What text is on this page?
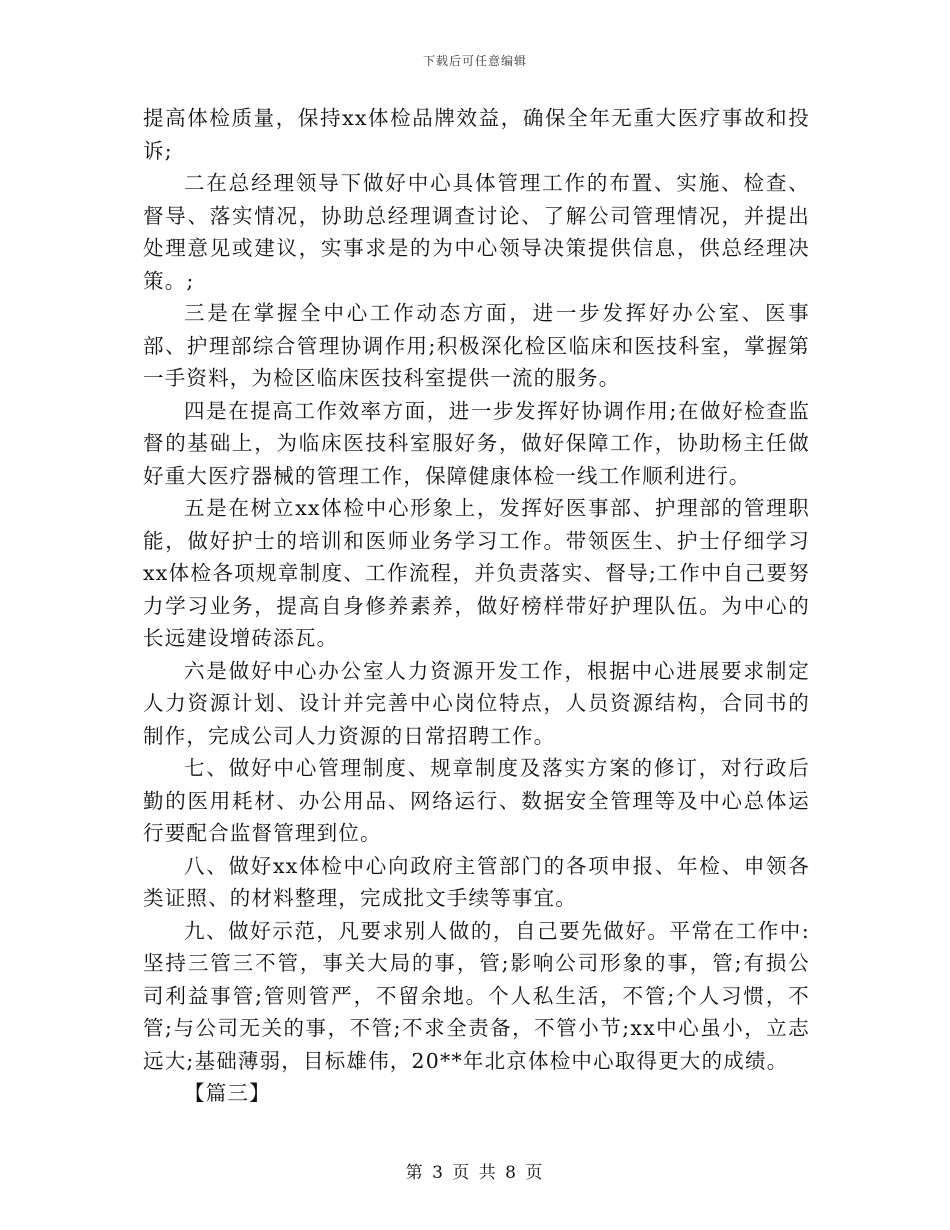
下载后可任意编辑

提高体检质量，保持xx体检品牌效益，确保全年无重大医疗事故和投诉;

二在总经理领导下做好中心具体管理工作的布置、实施、检查、督导、落实情况，协助总经理调查讨论、了解公司管理情况，并提出处理意见或建议，实事求是的为中心领导决策提供信息，供总经理决策。;

三是在掌握全中心工作动态方面，进一步发挥好办公室、医事部、护理部综合管理协调作用;积极深化检区临床和医技科室，掌握第一手资料，为检区临床医技科室提供一流的服务。

四是在提高工作效率方面，进一步发挥好协调作用;在做好检查监督的基础上，为临床医技科室服好务，做好保障工作，协助杨主任做好重大医疗器械的管理工作，保障健康体检一线工作顺利进行。

五是在树立xx体检中心形象上，发挥好医事部、护理部的管理职能，做好护士的培训和医师业务学习工作。带领医生、护士仔细学习xx体检各项规章制度、工作流程，并负责落实、督导;工作中自己要努力学习业务，提高自身修养素养，做好榜样带好护理队伍。为中心的长远建设增砖添瓦。

六是做好中心办公室人力资源开发工作，根据中心进展要求制定人力资源计划、设计并完善中心岗位特点，人员资源结构，合同书的制作，完成公司人力资源的日常招聘工作。

七、做好中心管理制度、规章制度及落实方案的修订，对行政后勤的医用耗材、办公用品、网络运行、数据安全管理等及中心总体运行要配合监督管理到位。

八、做好xx体检中心向政府主管部门的各项申报、年检、申领各类证照、的材料整理，完成批文手续等事宜。

九、做好示范，凡要求别人做的，自己要先做好。平常在工作中:坚持三管三不管，事关大局的事，管;影响公司形象的事，管;有损公司利益事管;管则管严，不留余地。个人私生活，不管;个人习惯，不管;与公司无关的事，不管;不求全责备，不管小节;xx中心虽小，立志远大;基础薄弱，目标雄伟，20**年北京体检中心取得更大的成绩。

【篇三】

第 3 页 共 8 页
